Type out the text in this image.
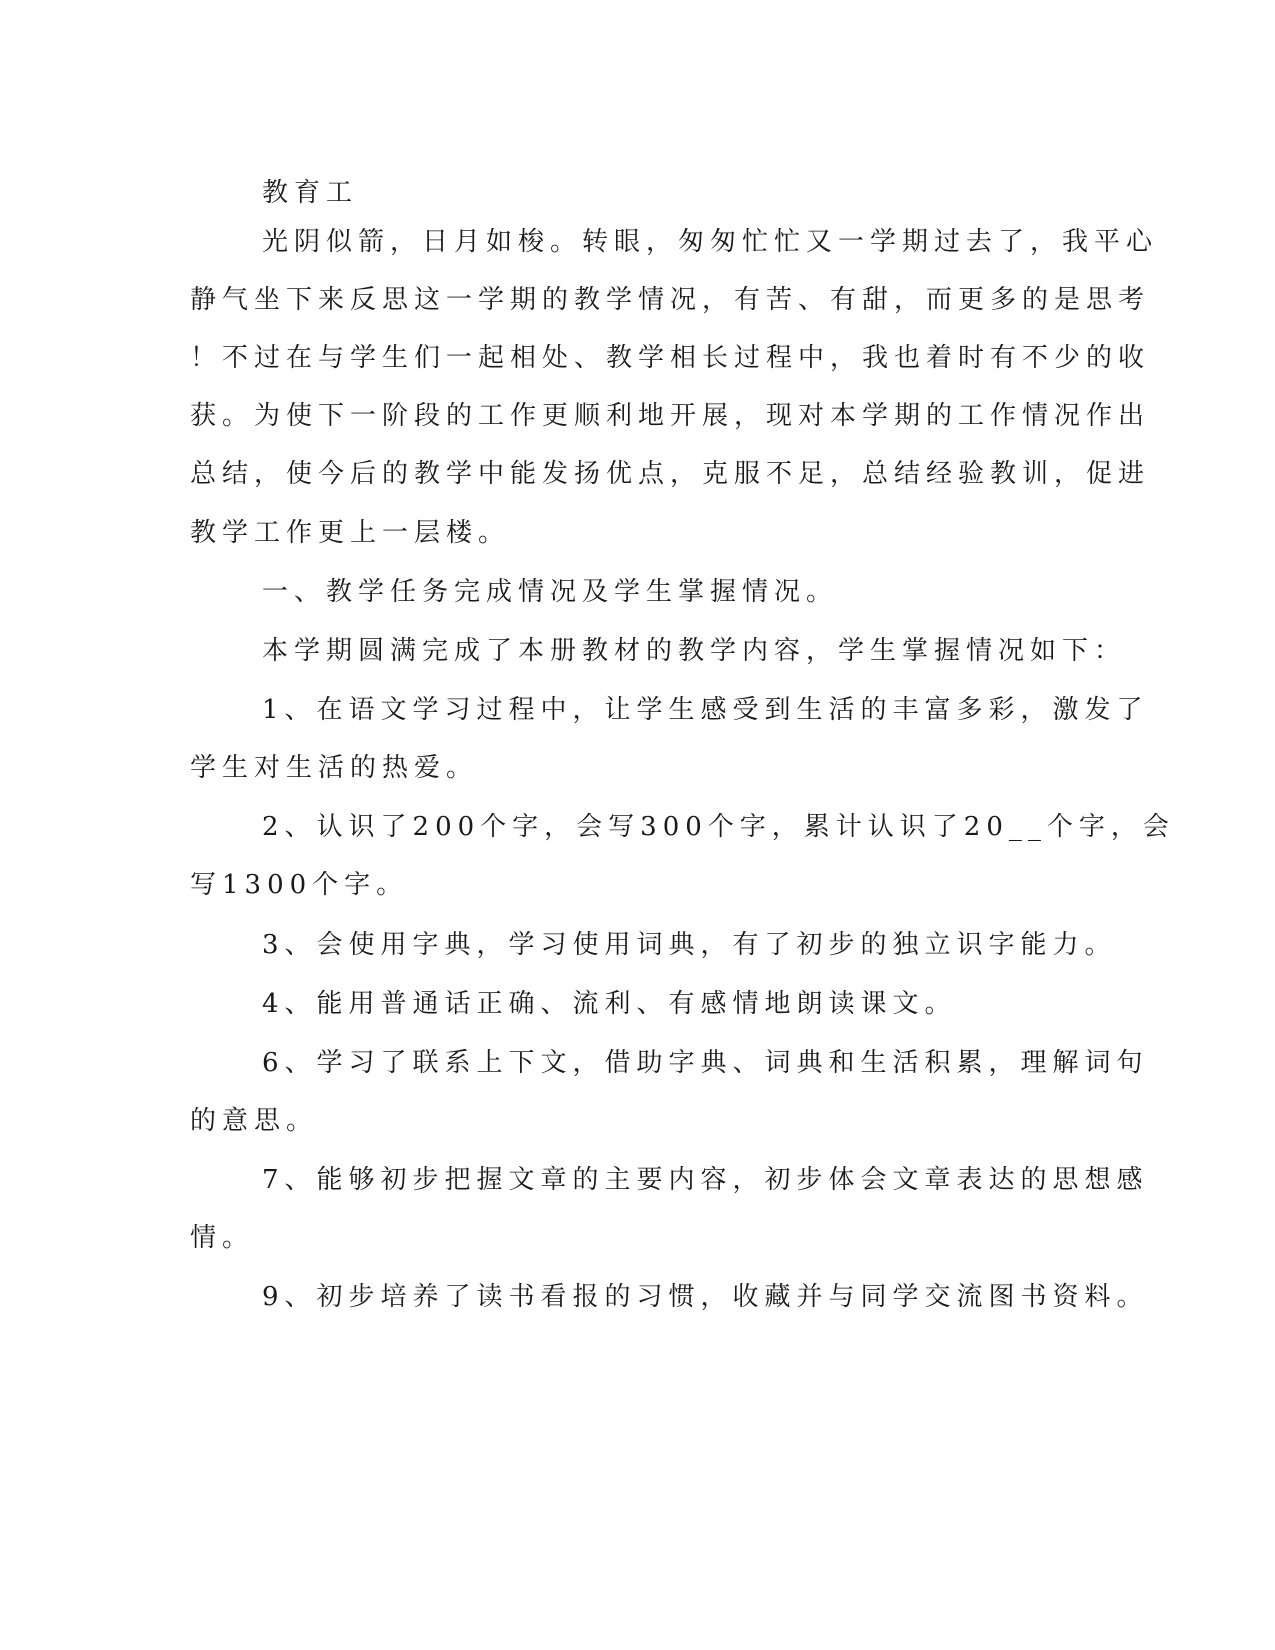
教育工
光阴似箭，日月如梭。转眼，匆匆忙忙又一学期过去了，我平心
静气坐下来反思这一学期的教学情况，有苦、有甜，而更多的是思考
！不过在与学生们一起相处、教学相长过程中，我也着时有不少的收
获。为使下一阶段的工作更顺利地开展，现对本学期的工作情况作出
总结，使今后的教学中能发扬优点，克服不足，总结经验教训，促进
教学工作更上一层楼。
一、教学任务完成情况及学生掌握情况。
本学期圆满完成了本册教材的教学内容，学生掌握情况如下：
1、在语文学习过程中，让学生感受到生活的丰富多彩，激发了
学生对生活的热爱。
2、认识了200个字，会写300个字，累计认识了20__个字，会
写1300个字。
3、会使用字典，学习使用词典，有了初步的独立识字能力。
4、能用普通话正确、流利、有感情地朗读课文。
6、学习了联系上下文，借助字典、词典和生活积累，理解词句
的意思。
7、能够初步把握文章的主要内容，初步体会文章表达的思想感
情。
9、初步培养了读书看报的习惯，收藏并与同学交流图书资料。
